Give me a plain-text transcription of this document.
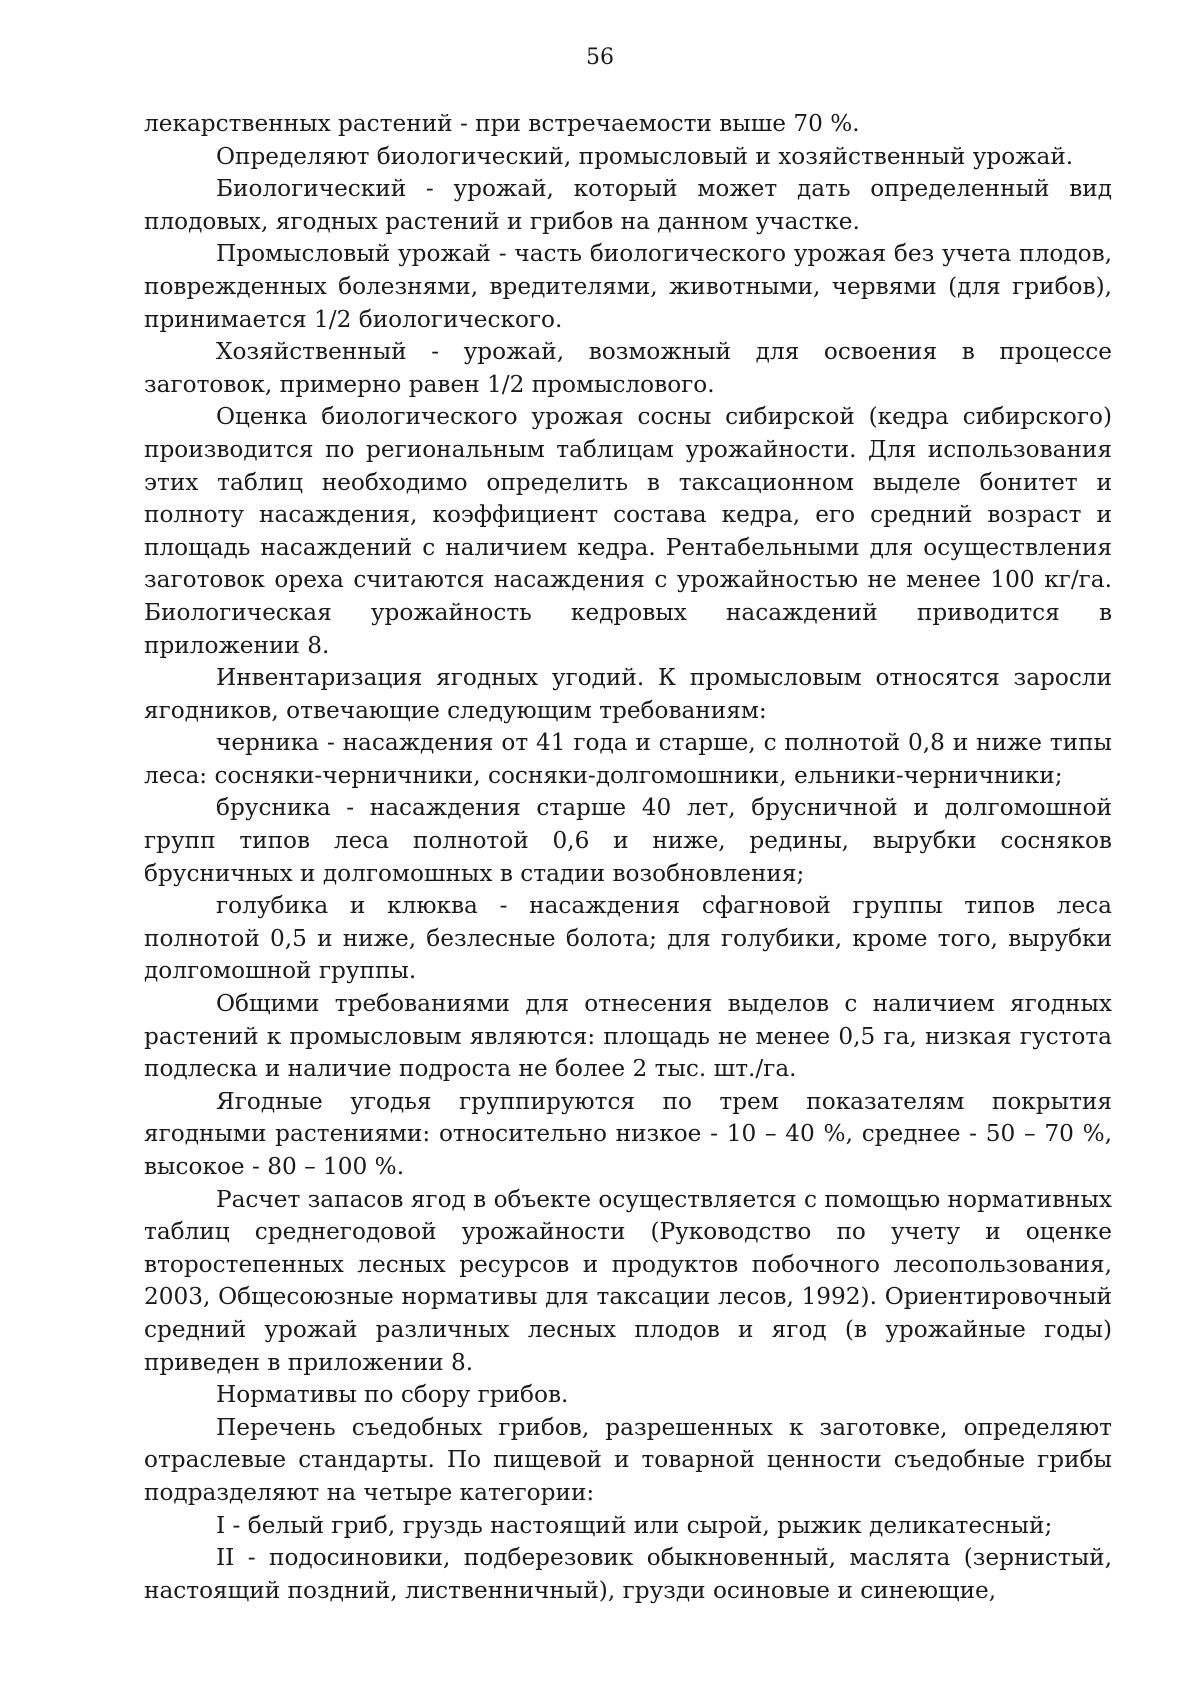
56

лекарственных растений - при встречаемости выше 70 %.

Определяют биологический, промысловый и хозяйственный урожай.

Биологический - урожай, который может дать определенный вид плодовых, ягодных растений и грибов на данном участке.

Промысловый урожай - часть биологического урожая без учета плодов, поврежденных болезнями, вредителями, животными, червями (для грибов), принимается 1/2 биологического.

Хозяйственный - урожай, возможный для освоения в процессе заготовок, примерно равен 1/2 промыслового.

Оценка биологического урожая сосны сибирской (кедра сибирского) производится по региональным таблицам урожайности. Для использования этих таблиц необходимо определить в таксационном выделе бонитет и полноту насаждения, коэффициент состава кедра, его средний возраст и площадь насаждений с наличием кедра. Рентабельными для осуществления заготовок ореха считаются насаждения с урожайностью не менее 100 кг/га. Биологическая урожайность кедровых насаждений приводится в приложении 8.

Инвентаризация ягодных угодий. К промысловым относятся заросли ягодников, отвечающие следующим требованиям:

черника - насаждения от 41 года и старше, с полнотой 0,8 и ниже типы леса: сосняки-черничники, сосняки-долгомошники, ельники-черничники;

брусника - насаждения старше 40 лет, брусничной и долгомошной групп типов леса полнотой 0,6 и ниже, редины, вырубки сосняков брусничных и долгомошных в стадии возобновления;

голубика и клюква - насаждения сфагновой группы типов леса полнотой 0,5 и ниже, безлесные болота; для голубики, кроме того, вырубки долгомошной группы.

Общими требованиями для отнесения выделов с наличием ягодных растений к промысловым являются: площадь не менее 0,5 га, низкая густота подлеска и наличие подроста не более 2 тыс. шт./га.

Ягодные угодья группируются по трем показателям покрытия ягодными растениями: относительно низкое - 10 – 40 %, среднее - 50 – 70 %, высокое - 80 – 100 %.

Расчет запасов ягод в объекте осуществляется с помощью нормативных таблиц среднегодовой урожайности (Руководство по учету и оценке второстепенных лесных ресурсов и продуктов побочного лесопользования, 2003, Общесоюзные нормативы для таксации лесов, 1992). Ориентировочный средний урожай различных лесных плодов и ягод (в урожайные годы) приведен в приложении 8.

Нормативы по сбору грибов.

Перечень съедобных грибов, разрешенных к заготовке, определяют отраслевые стандарты. По пищевой и товарной ценности съедобные грибы подразделяют на четыре категории:

I - белый гриб, груздь настоящий или сырой, рыжик деликатесный;

II - подосиновики, подберезовик обыкновенный, маслята (зернистый, настоящий поздний, лиственничный), грузди осиновые и синеющие,
